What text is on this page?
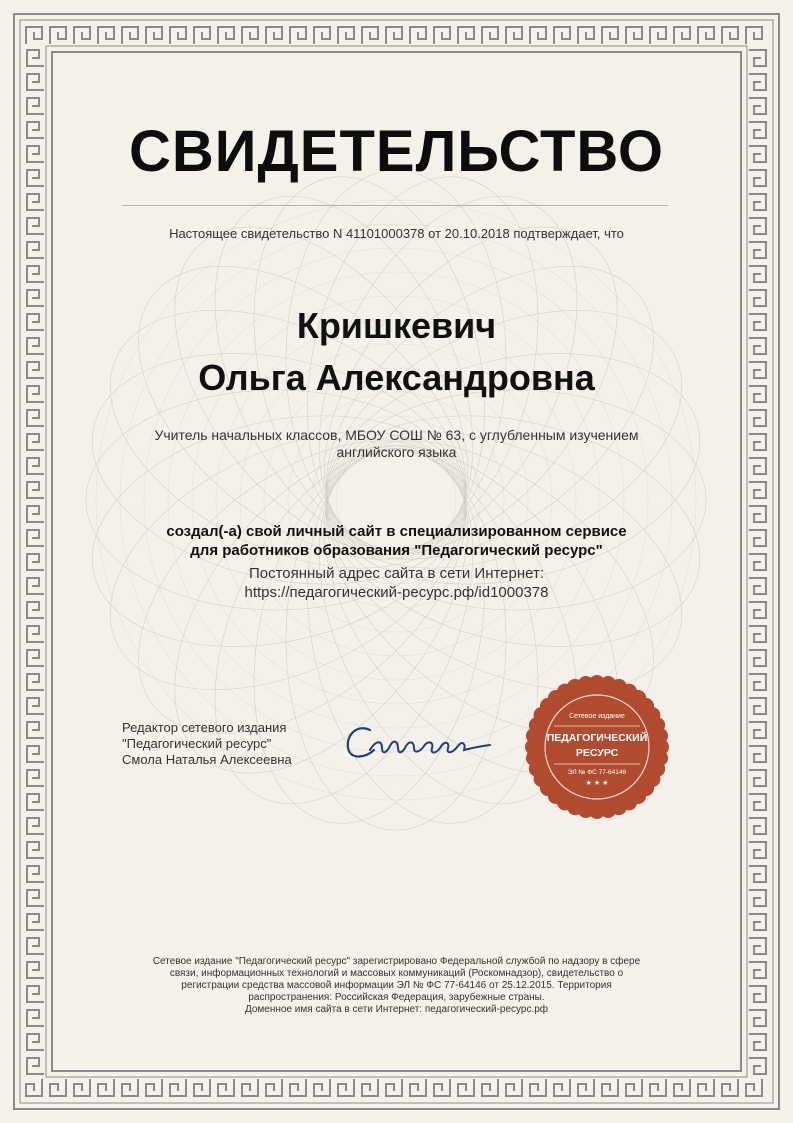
СВИДЕТЕЛЬСТВО
Настоящее свидетельство N 41101000378 от 20.10.2018 подтверждает, что
Кришкевич
Ольга Александровна
Учитель начальных классов, МБОУ СОШ № 63, с углубленным изучением
английского языка
создал(-а) свой личный сайт в специализированном сервисе
для работников образования "Педагогический ресурс"
Постоянный адрес сайта в сети Интернет:
https://педагогический-ресурс.рф/id1000378
Редактор сетевого издания
"Педагогический ресурс"
Смола Наталья Алексеевна
Сетевое издание
ПЕДАГОГИЧЕСКИЙ
РЕСУРС
ЭЛ № ФС 77-64146
★ ★ ★
Сетевое издание "Педагогический ресурс" зарегистрировано Федеральной службой по надзору в сфере
связи, информационных технологий и массовых коммуникаций (Роскомнадзор), свидетельство о
регистрации средства массовой информации ЭЛ № ФС 77-64146 от 25.12.2015. Территория
распространения: Российская Федерация, зарубежные страны.
Доменное имя сайта в сети Интернет: педагогический-ресурс.рф
